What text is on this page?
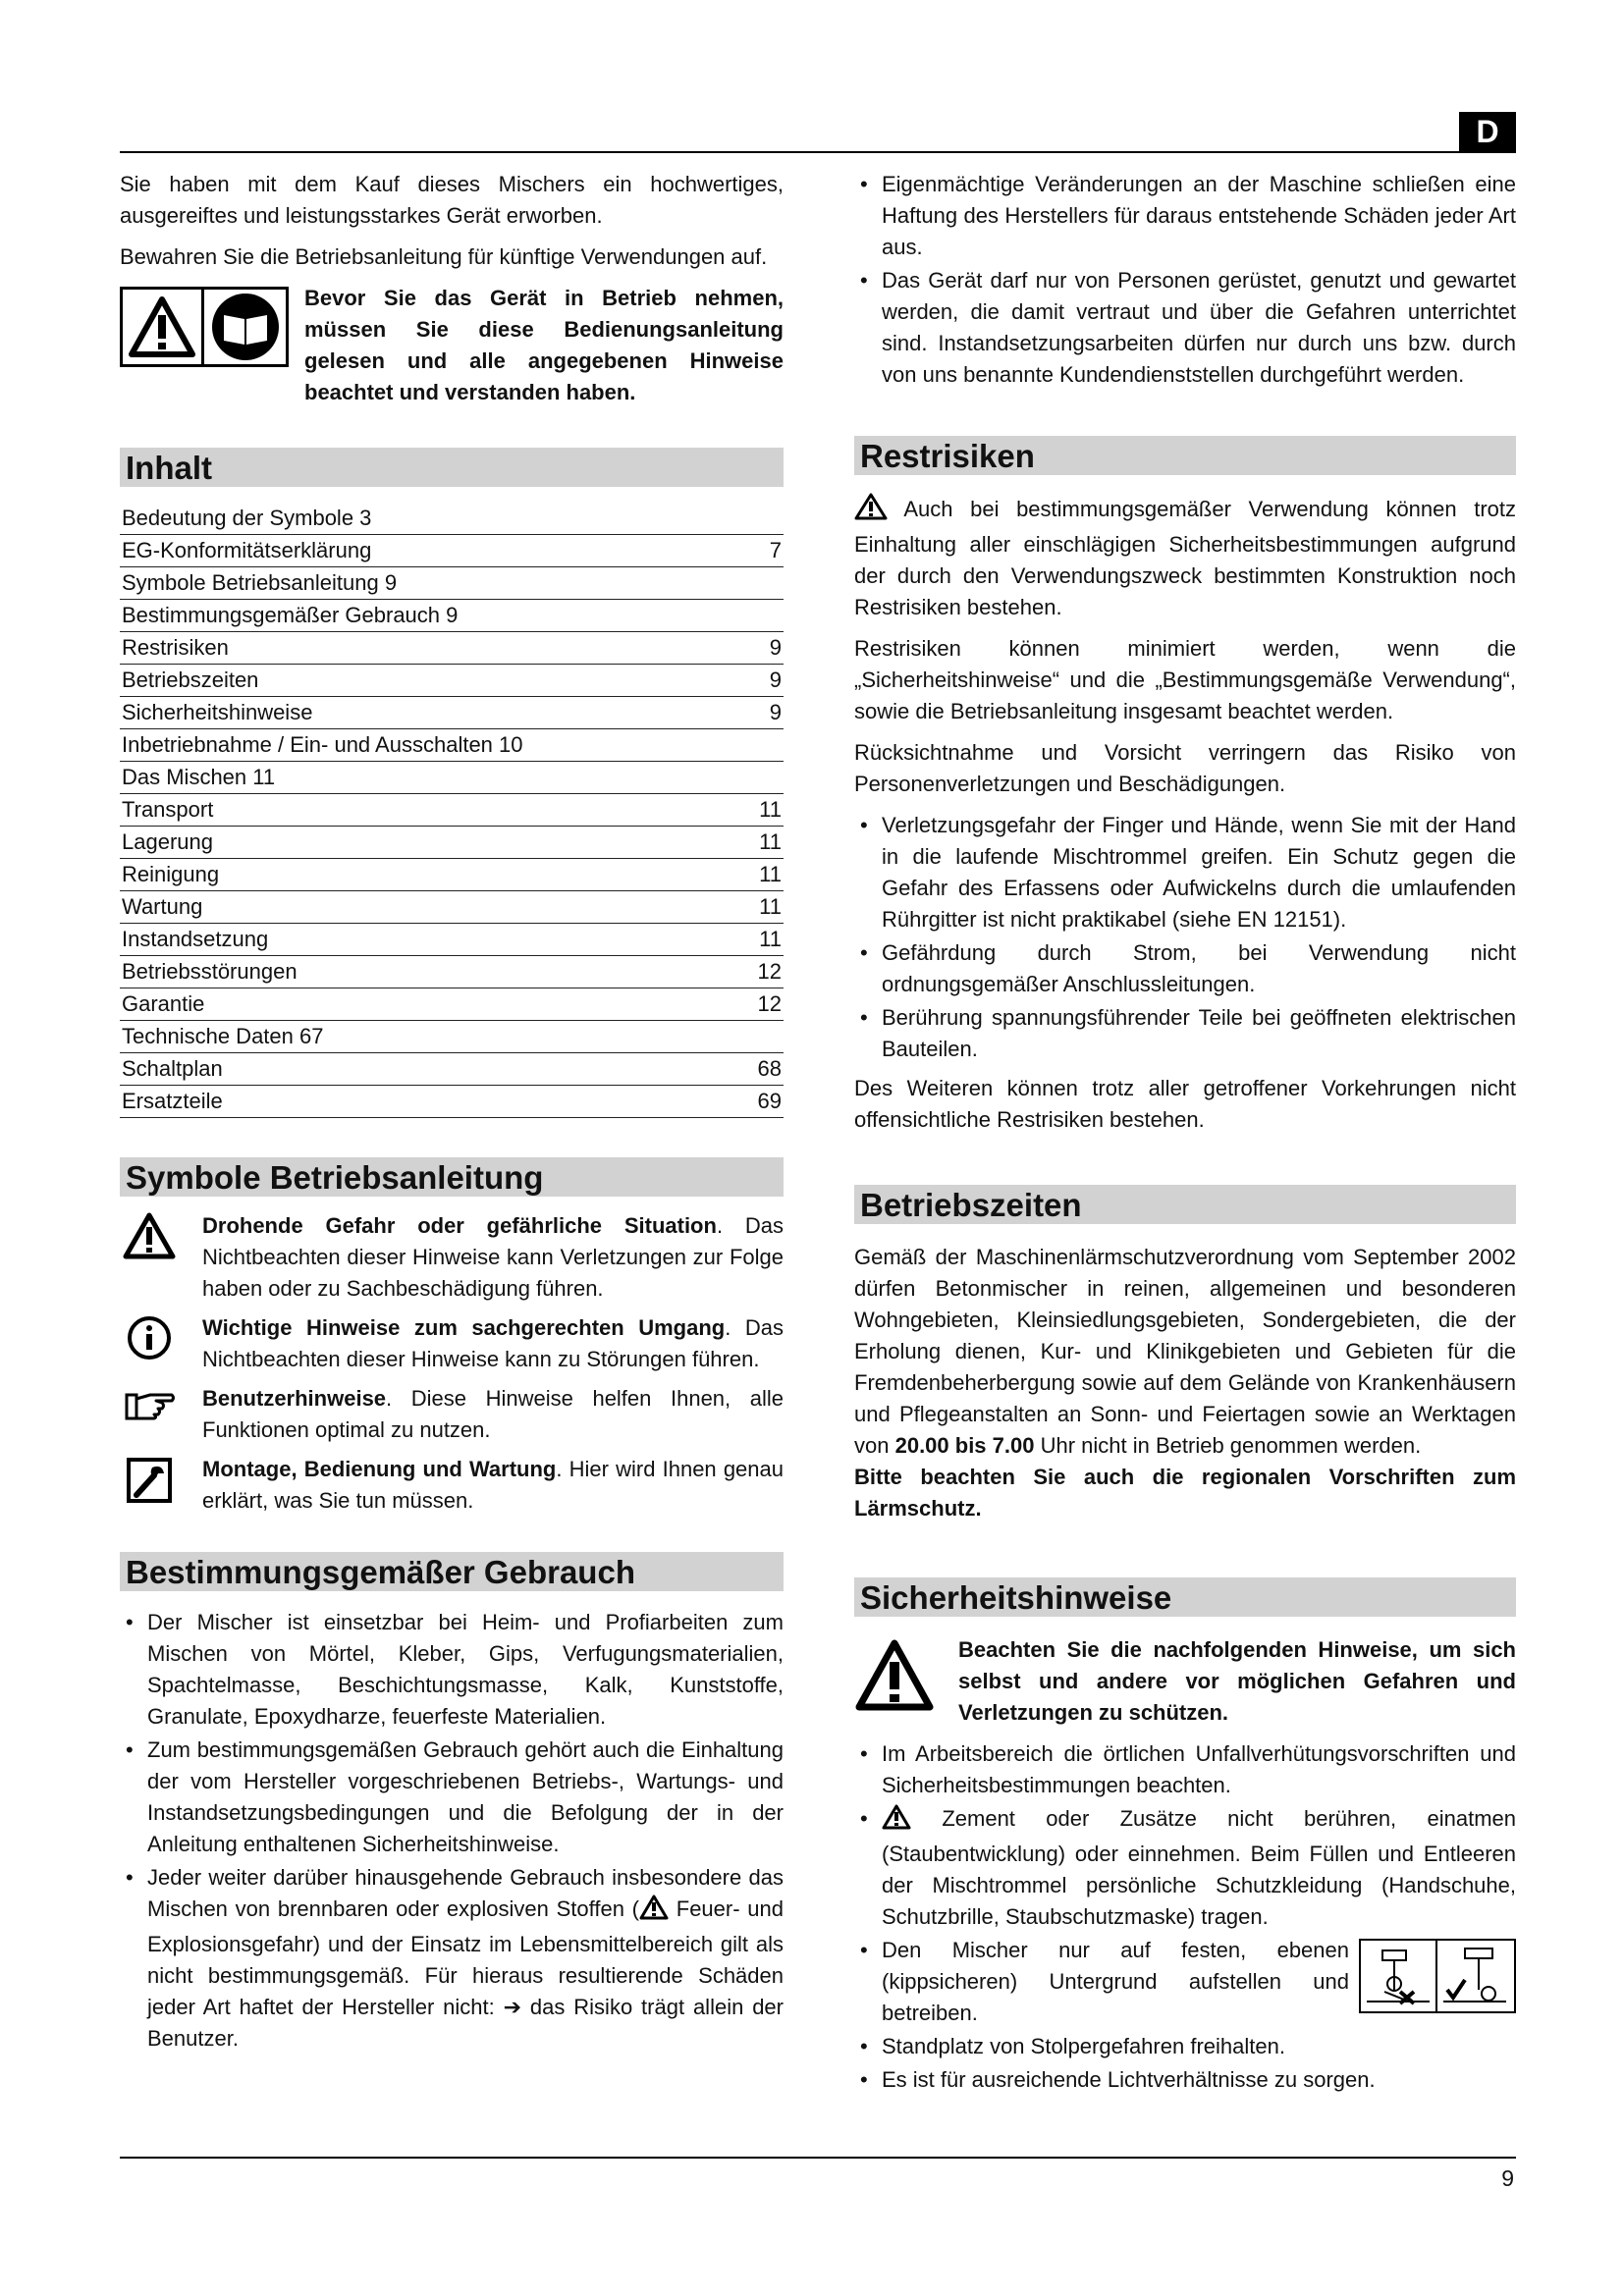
D

Sie haben mit dem Kauf dieses Mischers ein hochwertiges, ausgereiftes und leistungsstarkes Gerät erworben.

Bewahren Sie die Betriebsanleitung für künftige Verwendungen auf.

Bevor Sie das Gerät in Betrieb nehmen, müssen Sie diese Bedienungsanleitung gelesen und alle angegebenen Hinweise beachtet und verstanden haben.
Inhalt
Bedeutung der Symbole 3	
EG-Konformitätserklärung	7
Symbole Betriebsanleitung 9	
Bestimmungsgemäßer Gebrauch 9	
Restrisiken	9
Betriebszeiten	9
Sicherheitshinweise	9
Inbetriebnahme / Ein- und Ausschalten 10	
Das Mischen 11	
Transport	11
Lagerung	11
Reinigung	11
Wartung	11
Instandsetzung	11
Betriebsstörungen	12
Garantie	12
Technische Daten 67	
Schaltplan	68
Ersatzteile	69
Symbole Betriebsanleitung
Drohende Gefahr oder gefährliche Situation. Das Nichtbeachten dieser Hinweise kann Verletzungen zur Folge haben oder zu Sachbeschädigung führen.
Wichtige Hinweise zum sachgerechten Umgang. Das Nichtbeachten dieser Hinweise kann zu Störungen führen.
Benutzerhinweise. Diese Hinweise helfen Ihnen, alle Funktionen optimal zu nutzen.
Montage, Bedienung und Wartung. Hier wird Ihnen genau erklärt, was Sie tun müssen.
Bestimmungsgemäßer Gebrauch
• Der Mischer ist einsetzbar bei Heim- und Profiarbeiten zum Mischen von Mörtel, Kleber, Gips, Verfugungsmaterialien, Spachtelmasse, Beschichtungsmasse, Kalk, Kunststoffe, Granulate, Epoxydharze, feuerfeste Materialien.
• Zum bestimmungsgemäßen Gebrauch gehört auch die Einhaltung der vom Hersteller vorgeschriebenen Betriebs-, Wartungs- und Instandsetzungsbedingungen und die Befolgung der in der Anleitung enthaltenen Sicherheitshinweise.
• Jeder weiter darüber hinausgehende Gebrauch insbesondere das Mischen von brennbaren oder explosiven Stoffen ( Feuer- und Explosionsgefahr) und der Einsatz im Lebensmittelbereich gilt als nicht bestimmungsgemäß. Für hieraus resultierende Schäden jeder Art haftet der Hersteller nicht: ➔ das Risiko trägt allein der Benutzer.
• Eigenmächtige Veränderungen an der Maschine schließen eine Haftung des Herstellers für daraus entstehende Schäden jeder Art aus.
• Das Gerät darf nur von Personen gerüstet, genutzt und gewartet werden, die damit vertraut und über die Gefahren unterrichtet sind. Instandsetzungsarbeiten dürfen nur durch uns bzw. durch von uns benannte Kundendienststellen durchgeführt werden.
Restrisiken

Auch bei bestimmungsgemäßer Verwendung können trotz Einhaltung aller einschlägigen Sicherheitsbestimmungen aufgrund der durch den Verwendungszweck bestimmten Konstruktion noch Restrisiken bestehen.

Restrisiken können minimiert werden, wenn die „Sicherheitshinweise“ und die „Bestimmungsgemäße Verwendung“, sowie die Betriebsanleitung insgesamt beachtet werden.

Rücksichtnahme und Vorsicht verringern das Risiko von Personenverletzungen und Beschädigungen.

• Verletzungsgefahr der Finger und Hände, wenn Sie mit der Hand in die laufende Mischtrommel greifen. Ein Schutz gegen die Gefahr des Erfassens oder Aufwickelns durch die umlaufenden Rührgitter ist nicht praktikabel (siehe EN 12151).
• Gefährdung durch Strom, bei Verwendung nicht ordnungsgemäßer Anschlussleitungen.
• Berührung spannungsführender Teile bei geöffneten elektrischen Bauteilen.

Des Weiteren können trotz aller getroffener Vorkehrungen nicht offensichtliche Restrisiken bestehen.

Betriebszeiten

Gemäß der Maschinenlärmschutzverordnung vom September 2002 dürfen Betonmischer in reinen, allgemeinen und besonderen Wohngebieten, Kleinsiedlungsgebieten, Sondergebieten, die der Erholung dienen, Kur- und Klinikgebieten und Gebieten für die Fremdenbeherbergung sowie auf dem Gelände von Krankenhäusern und Pflegeanstalten an Sonn- und Feiertagen sowie an Werktagen von 20.00 bis 7.00 Uhr nicht in Betrieb genommen werden.

Bitte beachten Sie auch die regionalen Vorschriften zum Lärmschutz.

Sicherheitshinweise
Beachten Sie die nachfolgenden Hinweise, um sich selbst und andere vor möglichen Gefahren und Verletzungen zu schützen.
• Im Arbeitsbereich die örtlichen Unfallverhütungsvorschriften und Sicherheitsbestimmungen beachten.
• Zement oder Zusätze nicht berühren, einatmen (Staubentwicklung) oder einnehmen. Beim Füllen und Entleeren der Mischtrommel persönliche Schutzkleidung (Handschuhe, Schutzbrille, Staubschutzmaske) tragen.
• Den Mischer nur auf festen, ebenen (kippsicheren) Untergrund aufstellen und betreiben.
• Standplatz von Stolpergefahren freihalten.
• Es ist für ausreichende Lichtverhältnisse zu sorgen.
9
